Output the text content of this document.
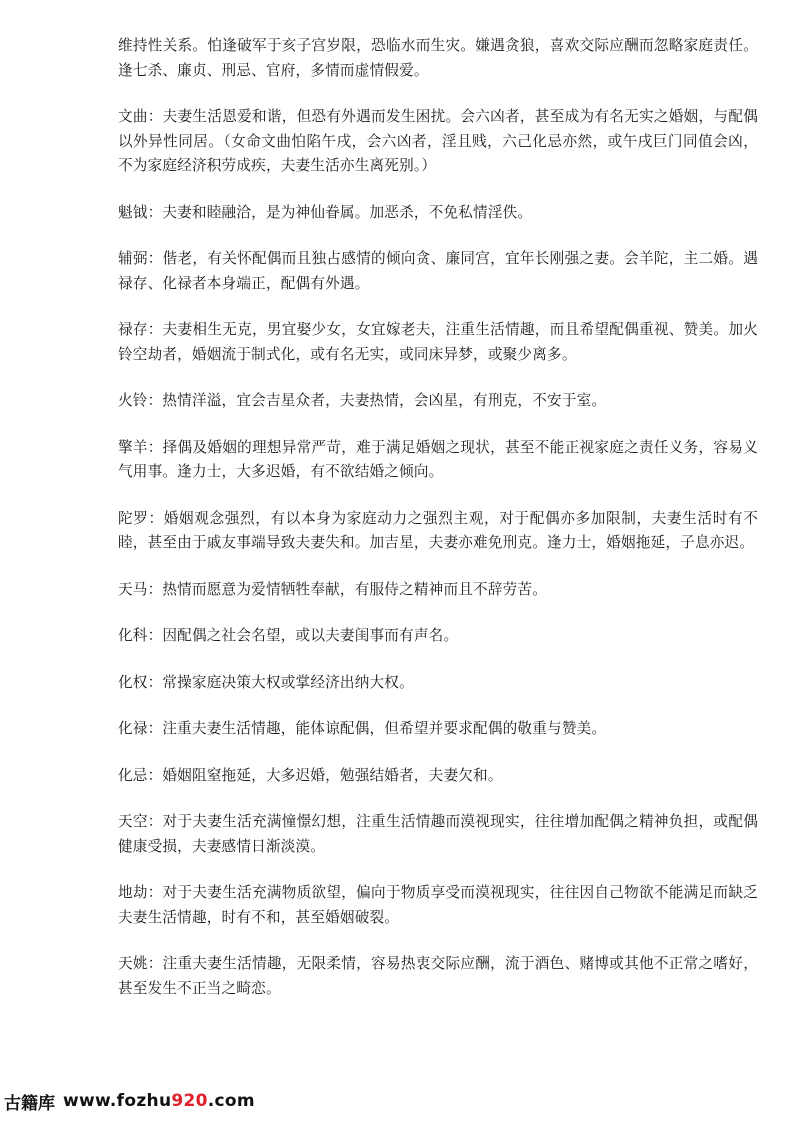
维持性关系。怕逢破军于亥子宫岁限，恐临水而生灾。嫌遇贪狼，喜欢交际应酬而忽略家庭责任。逢七杀、廉贞、刑忌、官府，多情而虚情假爱。

文曲：夫妻生活恩爱和谐，但恐有外遇而发生困扰。会六凶者，甚至成为有名无实之婚姻，与配偶以外异性同居。（女命文曲怕陷午戌，会六凶者，淫且贱，六己化忌亦然，或午戌巨门同值会凶，不为家庭经济积劳成疾，夫妻生活亦生离死别。）

魁钺：夫妻和睦融洽，是为神仙眷属。加恶杀，不免私情淫佚。

辅弼：偕老，有关怀配偶而且独占感情的倾向贪、廉同宫，宜年长刚强之妻。会羊陀，主二婚。遇禄存、化禄者本身端正，配偶有外遇。

禄存：夫妻相生无克，男宜娶少女，女宜嫁老夫，注重生活情趣，而且希望配偶重视、赞美。加火铃空劫者，婚姻流于制式化，或有名无实，或同床异梦，或聚少离多。

火铃：热情洋溢，宜会吉星众者，夫妻热情，会凶星，有刑克，不安于室。

擎羊：择偶及婚姻的理想异常严苛，难于满足婚姻之现状，甚至不能正视家庭之责任义务，容易义气用事。逢力士，大多迟婚，有不欲结婚之倾向。

陀罗：婚姻观念强烈，有以本身为家庭动力之强烈主观，对于配偶亦多加限制，夫妻生活时有不睦，甚至由于戚友事端导致夫妻失和。加吉星，夫妻亦难免刑克。逢力士，婚姻拖延，子息亦迟。

天马：热情而愿意为爱情牺牲奉献，有服侍之精神而且不辞劳苦。

化科：因配偶之社会名望，或以夫妻闺事而有声名。

化权：常操家庭决策大权或掌经济出纳大权。

化禄：注重夫妻生活情趣，能体谅配偶，但希望并要求配偶的敬重与赞美。

化忌：婚姻阻窒拖延，大多迟婚，勉强结婚者，夫妻欠和。

天空：对于夫妻生活充满憧憬幻想，注重生活情趣而漠视现实，往往增加配偶之精神负担，或配偶健康受损，夫妻感情日渐淡漠。

地劫：对于夫妻生活充满物质欲望，偏向于物质享受而漠视现实，往往因自己物欲不能满足而缺乏夫妻生活情趣，时有不和，甚至婚姻破裂。

天姚：注重夫妻生活情趣，无限柔情，容易热衷交际应酬，流于酒色、赌博或其他不正常之嗜好，甚至发生不正当之畸恋。

古籍库 www.fozhu920.com
